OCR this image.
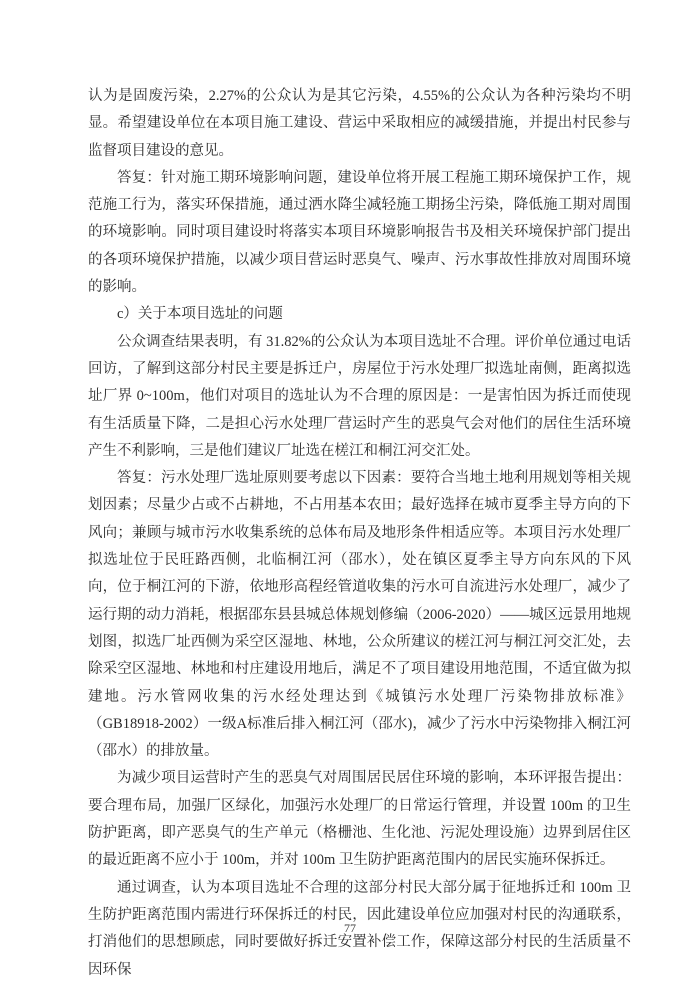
认为是固废污染，2.27%的公众认为是其它污染，4.55%的公众认为各种污染均不明显。希望建设单位在本项目施工建设、营运中采取相应的减缓措施，并提出村民参与监督项目建设的意见。

答复：针对施工期环境影响问题，建设单位将开展工程施工期环境保护工作，规范施工行为，落实环保措施，通过洒水降尘减轻施工期扬尘污染，降低施工期对周围的环境影响。同时项目建设时将落实本项目环境影响报告书及相关环境保护部门提出的各项环境保护措施，以减少项目营运时恶臭气、噪声、污水事故性排放对周围环境的影响。

c）关于本项目选址的问题

公众调查结果表明，有 31.82%的公众认为本项目选址不合理。评价单位通过电话回访，了解到这部分村民主要是拆迁户，房屋位于污水处理厂拟选址南侧，距离拟选址厂界 0~100m，他们对项目的选址认为不合理的原因是：一是害怕因为拆迁而使现有生活质量下降，二是担心污水处理厂营运时产生的恶臭气会对他们的居住生活环境产生不利影响，三是他们建议厂址选在槎江和桐江河交汇处。

答复：污水处理厂选址原则要考虑以下因素：要符合当地土地利用规划等相关规划因素；尽量少占或不占耕地，不占用基本农田；最好选择在城市夏季主导方向的下风向；兼顾与城市污水收集系统的总体布局及地形条件相适应等。本项目污水处理厂拟选址位于民旺路西侧，北临桐江河（邵水），处在镇区夏季主导方向东风的下风向，位于桐江河的下游，依地形高程经管道收集的污水可自流进污水处理厂，减少了运行期的动力消耗，根据邵东县县城总体规划修编（2006-2020）——城区远景用地规划图，拟选厂址西侧为采空区湿地、林地，公众所建议的槎江河与桐江河交汇处，去除采空区湿地、林地和村庄建设用地后，满足不了项目建设用地范围，不适宜做为拟建地。污水管网收集的污水经处理达到《城镇污水处理厂污染物排放标准》（GB18918-2002）一级A标准后排入桐江河（邵水)，减少了污水中污染物排入桐江河（邵水）的排放量。

为减少项目运营时产生的恶臭气对周围居民居住环境的影响，本环评报告提出：要合理布局，加强厂区绿化，加强污水处理厂的日常运行管理，并设置 100m 的卫生防护距离，即产恶臭气的生产单元（格栅池、生化池、污泥处理设施）边界到居住区的最近距离不应小于 100m，并对 100m 卫生防护距离范围内的居民实施环保拆迁。

通过调查，认为本项目选址不合理的这部分村民大部分属于征地拆迁和 100m 卫生防护距离范围内需进行环保拆迁的村民，因此建设单位应加强对村民的沟通联系，打消他们的思想顾虑，同时要做好拆迁安置补偿工作，保障这部分村民的生活质量不因环保

77
